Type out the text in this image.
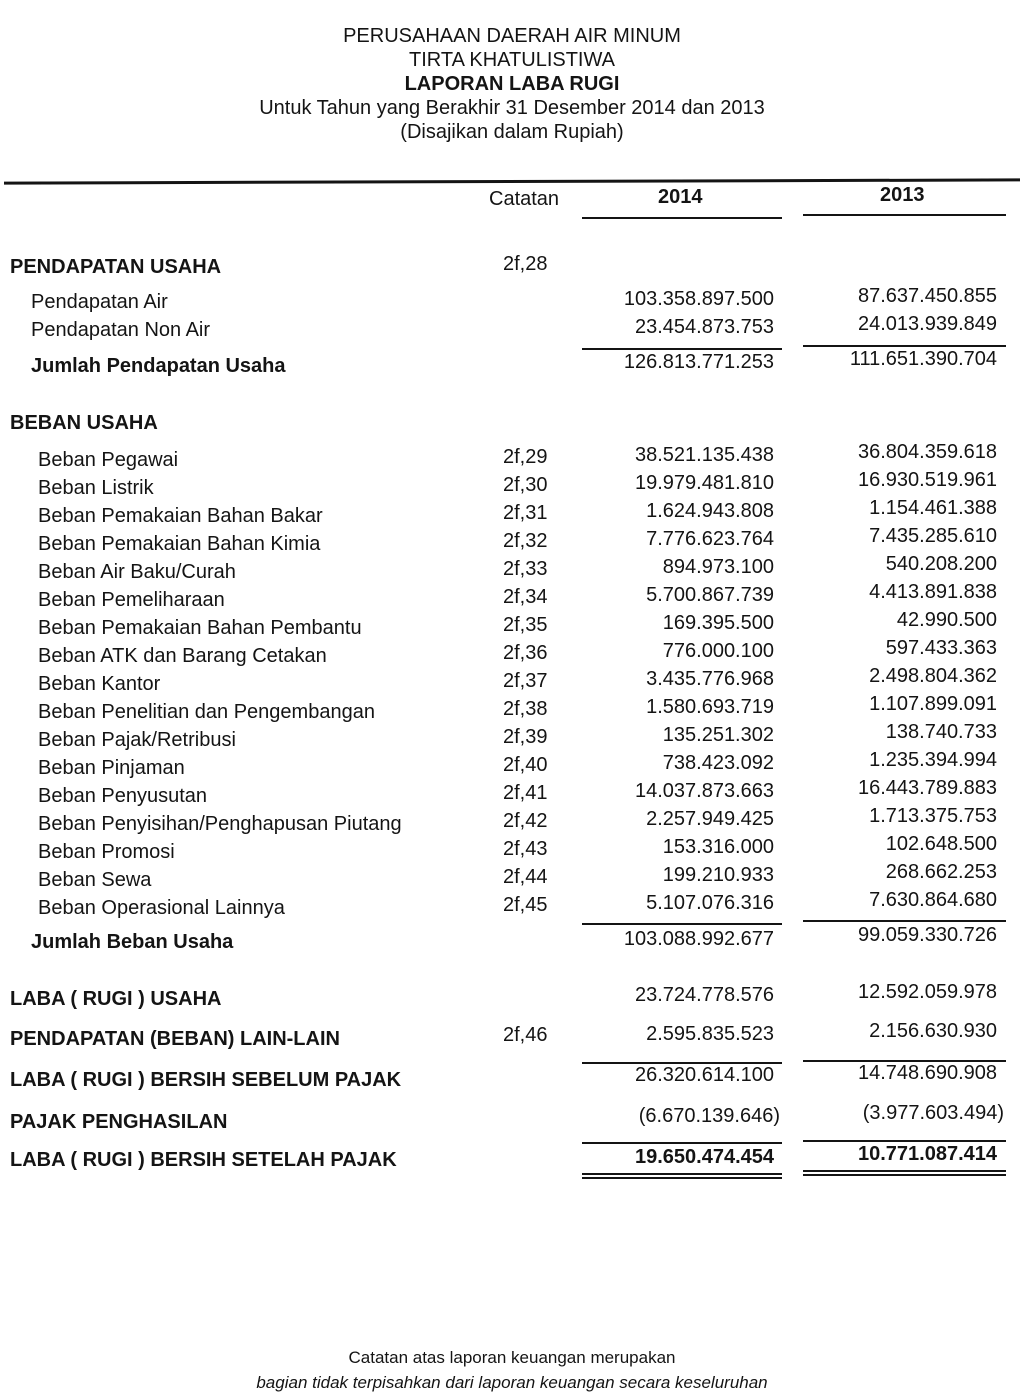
PERUSAHAAN DAERAH AIR MINUM

TIRTA KHATULISTIWA

LAPORAN LABA RUGI

Untuk Tahun yang Berakhir 31 Desember 2014 dan 2013

(Disajikan dalam Rupiah)

Catatan	2014	2013
PENDAPATAN USAHA	2f,28
Pendapatan Air	103.358.897.500	87.637.450.855
Pendapatan Non Air	23.454.873.753	24.013.939.849
Jumlah Pendapatan Usaha	126.813.771.253	111.651.390.704
BEBAN USAHA
Beban Pegawai	2f,29	38.521.135.438	36.804.359.618
Beban Listrik	2f,30	19.979.481.810	16.930.519.961
Beban Pemakaian Bahan Bakar	2f,31	1.624.943.808	1.154.461.388
Beban Pemakaian Bahan Kimia	2f,32	7.776.623.764	7.435.285.610
Beban Air Baku/Curah	2f,33	894.973.100	540.208.200
Beban Pemeliharaan	2f,34	5.700.867.739	4.413.891.838
Beban Pemakaian Bahan Pembantu	2f,35	169.395.500	42.990.500
Beban ATK dan Barang Cetakan	2f,36	776.000.100	597.433.363
Beban Kantor	2f,37	3.435.776.968	2.498.804.362
Beban Penelitian dan Pengembangan	2f,38	1.580.693.719	1.107.899.091
Beban Pajak/Retribusi	2f,39	135.251.302	138.740.733
Beban Pinjaman	2f,40	738.423.092	1.235.394.994
Beban Penyusutan	2f,41	14.037.873.663	16.443.789.883
Beban Penyisihan/Penghapusan Piutang	2f,42	2.257.949.425	1.713.375.753
Beban Promosi	2f,43	153.316.000	102.648.500
Beban Sewa	2f,44	199.210.933	268.662.253
Beban Operasional Lainnya	2f,45	5.107.076.316	7.630.864.680
Jumlah Beban Usaha	103.088.992.677	99.059.330.726
LABA ( RUGI ) USAHA	23.724.778.576	12.592.059.978
PENDAPATAN (BEBAN) LAIN-LAIN	2f,46	2.595.835.523	2.156.630.930
LABA ( RUGI ) BERSIH SEBELUM PAJAK	26.320.614.100	14.748.690.908
PAJAK PENGHASILAN	(6.670.139.646)	(3.977.603.494)
LABA ( RUGI ) BERSIH SETELAH PAJAK	19.650.474.454	10.771.087.414
Catatan atas laporan keuangan merupakan
bagian tidak terpisahkan dari laporan keuangan secara keseluruhan
